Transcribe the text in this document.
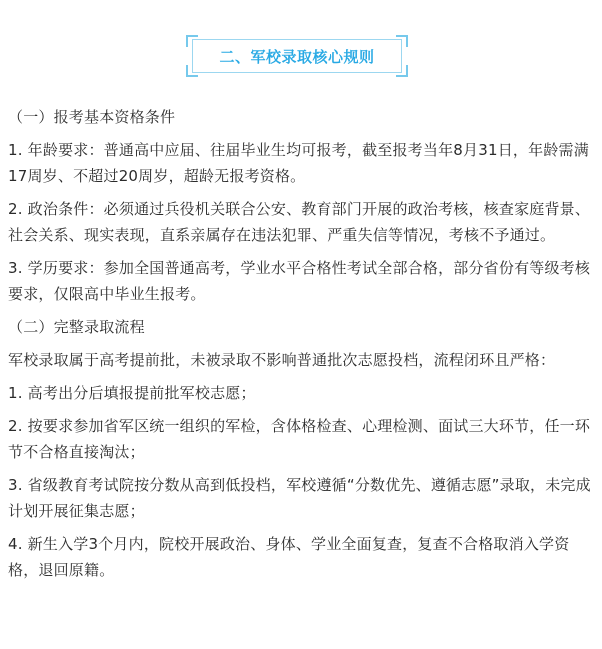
二、军校录取核心规则

（一）报考基本资格条件

1. 年龄要求：普通高中应届、往届毕业生均可报考，截至报考当年8月31日，年龄需满17周岁、不超过20周岁，超龄无报考资格。

2. 政治条件：必须通过兵役机关联合公安、教育部门开展的政治考核，核查家庭背景、社会关系、现实表现，直系亲属存在违法犯罪、严重失信等情况，考核不予通过。

3. 学历要求：参加全国普通高考，学业水平合格性考试全部合格，部分省份有等级考核要求，仅限高中毕业生报考。

（二）完整录取流程

军校录取属于高考提前批，未被录取不影响普通批次志愿投档，流程闭环且严格：

1. 高考出分后填报提前批军校志愿；

2. 按要求参加省军区统一组织的军检，含体格检查、心理检测、面试三大环节，任一环节不合格直接淘汰；

3. 省级教育考试院按分数从高到低投档，军校遵循“分数优先、遵循志愿”录取，未完成计划开展征集志愿；

4. 新生入学3个月内，院校开展政治、身体、学业全面复查，复查不合格取消入学资格，退回原籍。
